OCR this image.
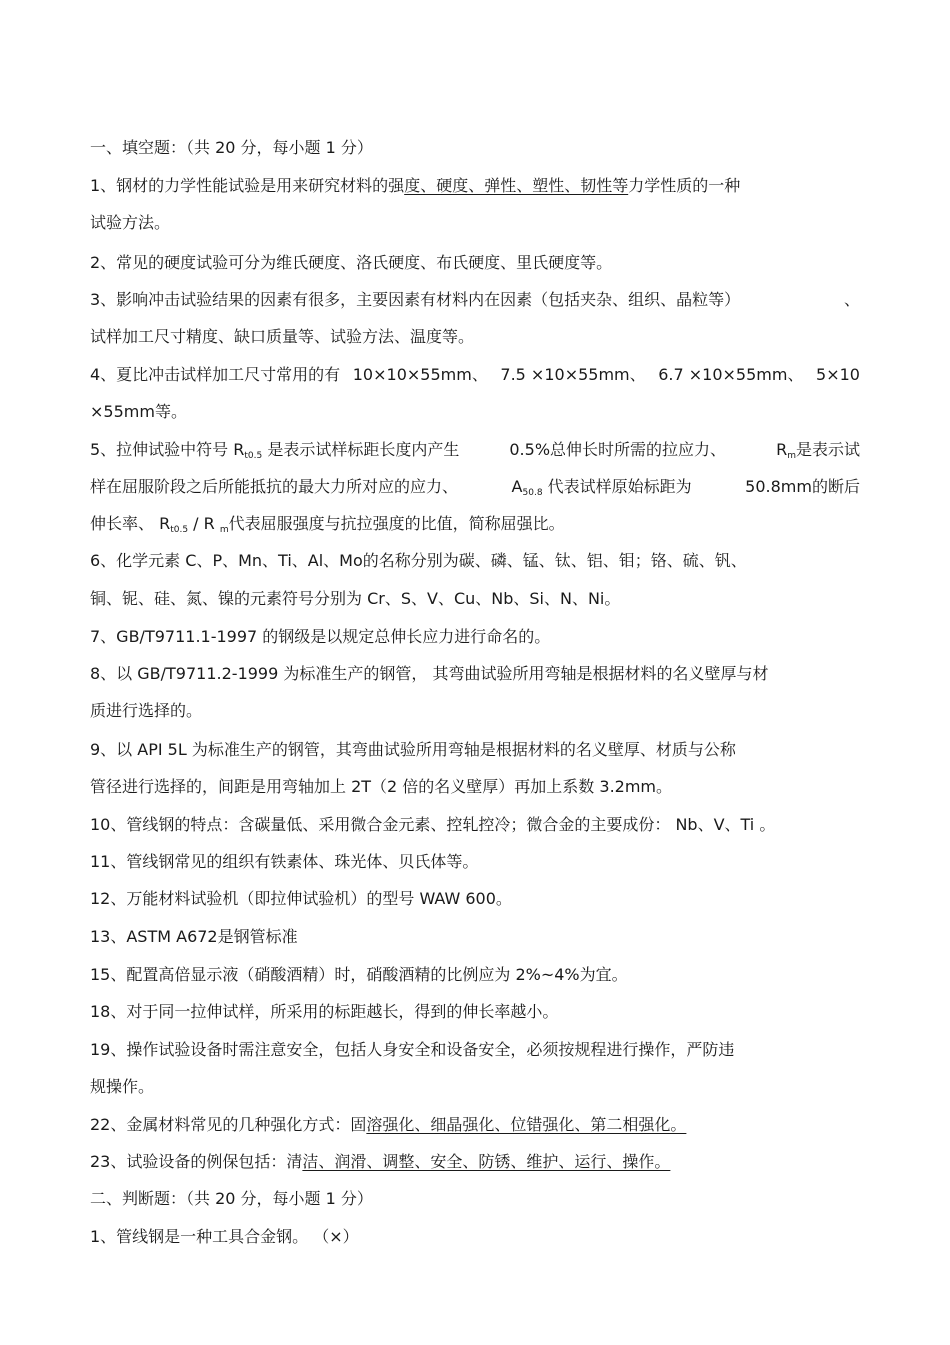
一、填空题：（共 20 分，每小题 1 分）

1、钢材的力学性能试验是用来研究材料的强度、硬度、弹性、塑性、韧性等力学性质的一种

试验方法。

2、常见的硬度试验可分为维氏硬度、洛氏硬度、布氏硬度、里氏硬度等。

3、影响冲击试验结果的因素有很多，主要因素有材料内在因素（包括夹杂、组织、晶粒等）	、

试样加工尺寸精度、缺口质量等、试验方法、温度等。

4、夏比冲击试样加工尺寸常用的有 10×10×55mm、 7.5 ×10×55mm、 6.7 ×10×55mm、 5×10

×55mm等。

5、拉伸试验中符号 $R_{t0.5}$ 是表示试样标距长度内产生	0.5%总伸长时所需的拉应力、	$R_m$是表示试

样在屈服阶段之后所能抵抗的最大力所对应的应力、	$A_{50.8}$ 代表试样原始标距为	50.8mm的断后

伸长率、 $R_{t0.5}$ / R $_m$代表屈服强度与抗拉强度的比值，简称屈强比。

6、化学元素 C、P、Mn、Ti、Al、Mo的名称分别为碳、磷、锰、钛、铝、钼；铬、硫、钒、

铜、铌、硅、氮、镍的元素符号分别为 Cr、S、V、Cu、Nb、Si、N、Ni。

7、GB/T9711.1-1997 的钢级是以规定总伸长应力进行命名的。

8、以 GB/T9711.2-1999 为标准生产的钢管， 其弯曲试验所用弯轴是根据材料的名义壁厚与材

质进行选择的。

9、以 API 5L 为标准生产的钢管，其弯曲试验所用弯轴是根据材料的名义壁厚、材质与公称

管径进行选择的，间距是用弯轴加上 2T（2 倍的名义壁厚）再加上系数 3.2mm。

10、管线钢的特点：含碳量低、采用微合金元素、控轧控冷；微合金的主要成份： Nb、V、Ti 。

11、管线钢常见的组织有铁素体、珠光体、贝氏体等。

12、万能材料试验机（即拉伸试验机）的型号 WAW 600。

13、ASTM A672是钢管标准

15、配置高倍显示液（硝酸酒精）时，硝酸酒精的比例应为 2%~4%为宜。

18、对于同一拉伸试样，所采用的标距越长，得到的伸长率越小。

19、操作试验设备时需注意安全，包括人身安全和设备安全，必须按规程进行操作，严防违

规操作。

22、金属材料常见的几种强化方式：固溶强化、细晶强化、位错强化、第二相强化。

23、试验设备的例保包括：清洁、润滑、调整、安全、防锈、维护、运行、操作。

二、判断题：（共 20 分，每小题 1 分）

1、管线钢是一种工具合金钢。 （×）
